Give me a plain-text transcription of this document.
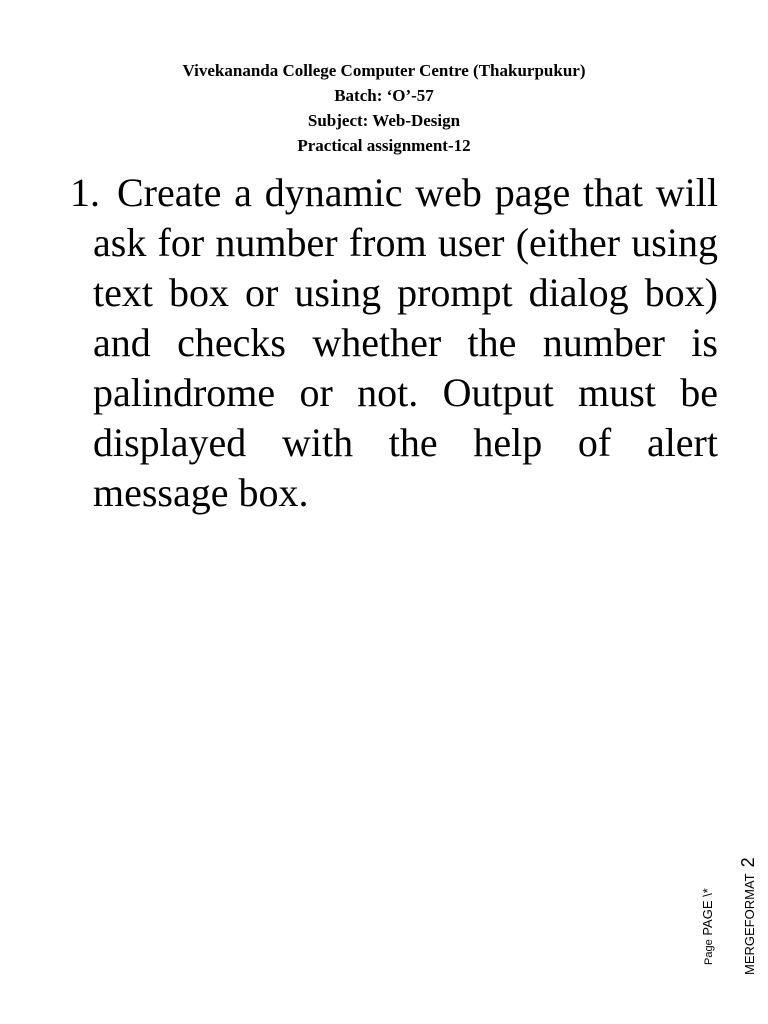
Vivekananda College Computer Centre (Thakurpukur)
Batch: ‘O’-57
Subject: Web-Design
Practical assignment-12
1. Create a dynamic web page that will ask for number from user (either using text box or using prompt dialog box) and checks whether the number is palindrome or not. Output must be displayed with the help of alert message box.
Page PAGE \*	MERGEFORMAT2
